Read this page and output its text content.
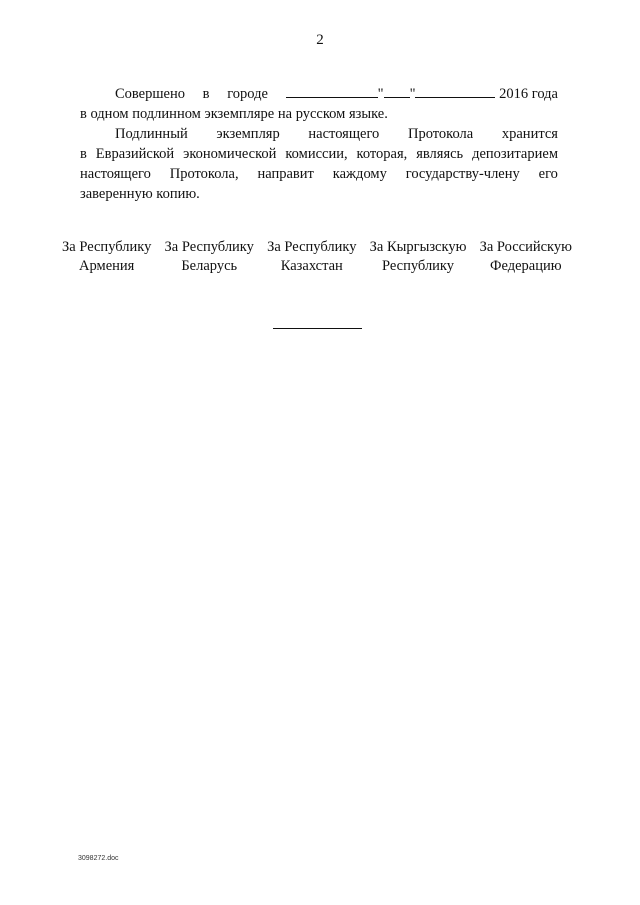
2
Совершено в городе	" "	2016 года
в одном подлинном экземпляре на русском языке.
Подлинный экземпляр настоящего Протокола хранится
в Евразийской экономической комиссии, которая, являясь депозитарием
настоящего Протокола, направит каждому государству-члену его
заверенную копию.
За Республику
Армения
За Республику
Беларусь
За Республику
Казахстан
За Кыргызскую
Республику
За Российскую
Федерацию
3098272.doc
